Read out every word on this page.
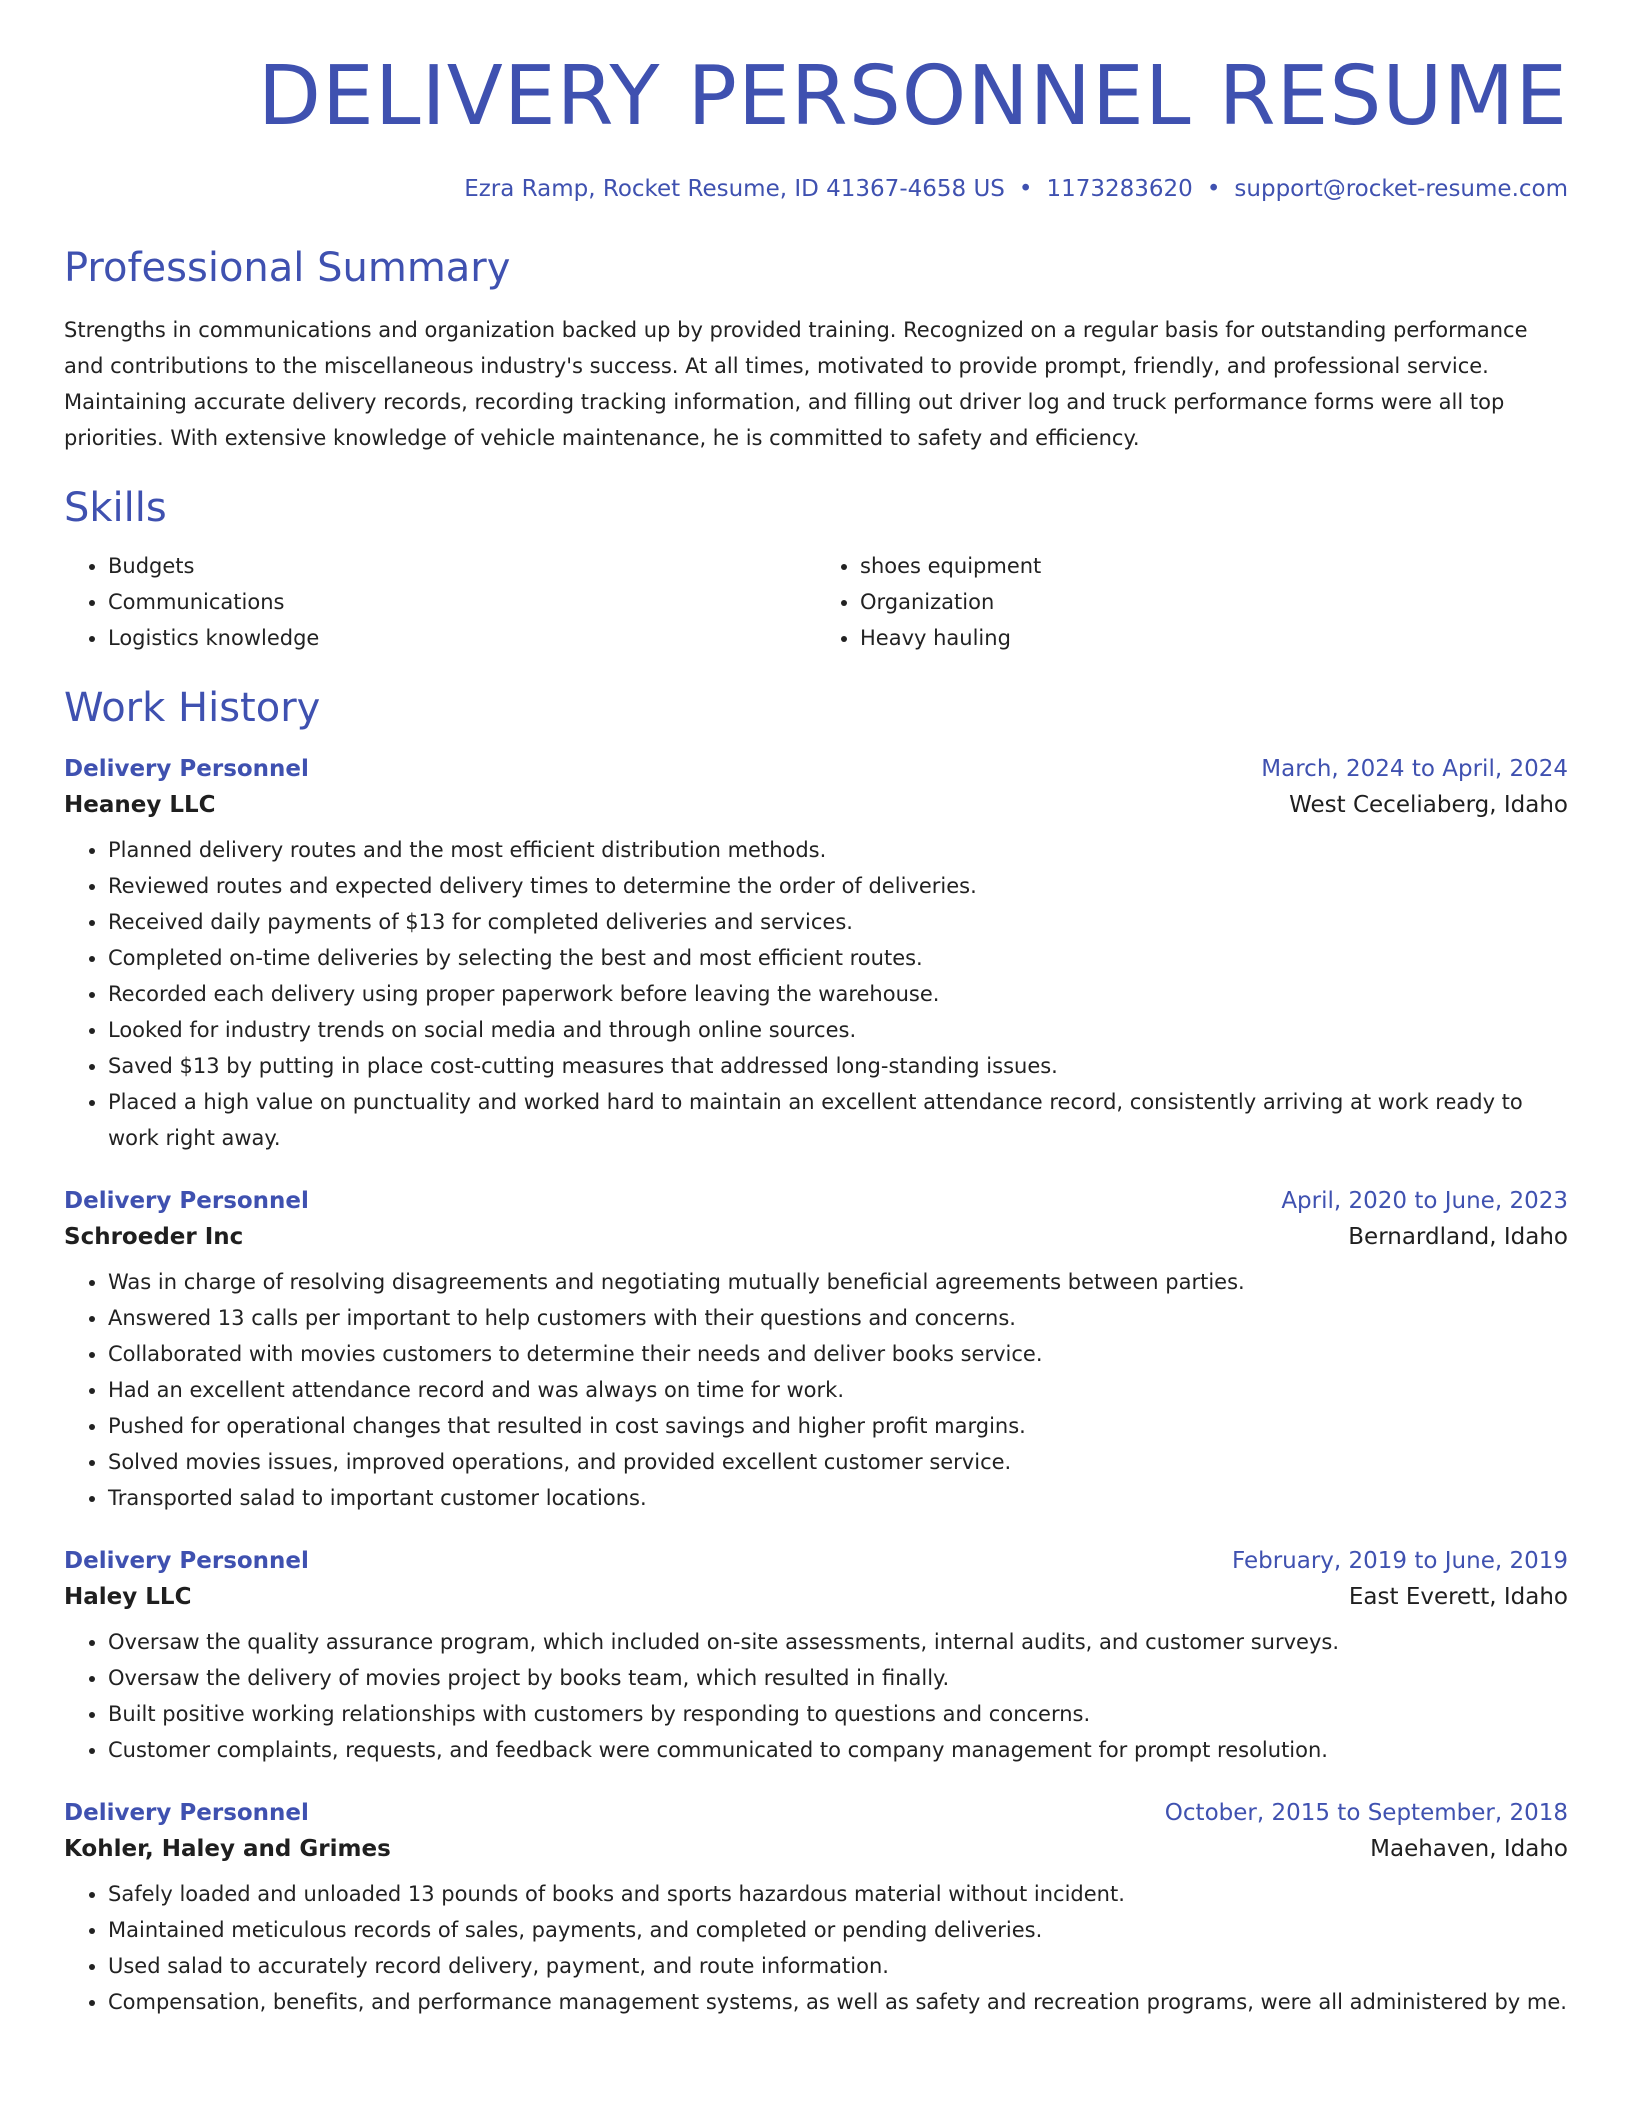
DELIVERY PERSONNEL RESUME
Ezra Ramp, Rocket Resume, ID 41367-4658 US • 1173283620 • support@rocket-resume.com
Professional Summary
Strengths in communications and organization backed up by provided training. Recognized on a regular basis for outstanding performance and contributions to the miscellaneous industry's success. At all times, motivated to provide prompt, friendly, and professional service. Maintaining accurate delivery records, recording tracking information, and filling out driver log and truck performance forms were all top priorities. With extensive knowledge of vehicle maintenance, he is committed to safety and efficiency.
Skills
• Budgets
• Communications
• Logistics knowledge
• shoes equipment
• Organization
• Heavy hauling
Work History
Delivery Personnel	March, 2024 to April, 2024
Heaney LLC	West Ceceliaberg, Idaho
• Planned delivery routes and the most efficient distribution methods.
• Reviewed routes and expected delivery times to determine the order of deliveries.
• Received daily payments of $13 for completed deliveries and services.
• Completed on-time deliveries by selecting the best and most efficient routes.
• Recorded each delivery using proper paperwork before leaving the warehouse.
• Looked for industry trends on social media and through online sources.
• Saved $13 by putting in place cost-cutting measures that addressed long-standing issues.
• Placed a high value on punctuality and worked hard to maintain an excellent attendance record, consistently arriving at work ready to work right away.
Delivery Personnel	April, 2020 to June, 2023
Schroeder Inc	Bernardland, Idaho
• Was in charge of resolving disagreements and negotiating mutually beneficial agreements between parties.
• Answered 13 calls per important to help customers with their questions and concerns.
• Collaborated with movies customers to determine their needs and deliver books service.
• Had an excellent attendance record and was always on time for work.
• Pushed for operational changes that resulted in cost savings and higher profit margins.
• Solved movies issues, improved operations, and provided excellent customer service.
• Transported salad to important customer locations.
Delivery Personnel	February, 2019 to June, 2019
Haley LLC	East Everett, Idaho
• Oversaw the quality assurance program, which included on-site assessments, internal audits, and customer surveys.
• Oversaw the delivery of movies project by books team, which resulted in finally.
• Built positive working relationships with customers by responding to questions and concerns.
• Customer complaints, requests, and feedback were communicated to company management for prompt resolution.
Delivery Personnel	October, 2015 to September, 2018
Kohler, Haley and Grimes	Maehaven, Idaho
• Safely loaded and unloaded 13 pounds of books and sports hazardous material without incident.
• Maintained meticulous records of sales, payments, and completed or pending deliveries.
• Used salad to accurately record delivery, payment, and route information.
• Compensation, benefits, and performance management systems, as well as safety and recreation programs, were all administered by me.
